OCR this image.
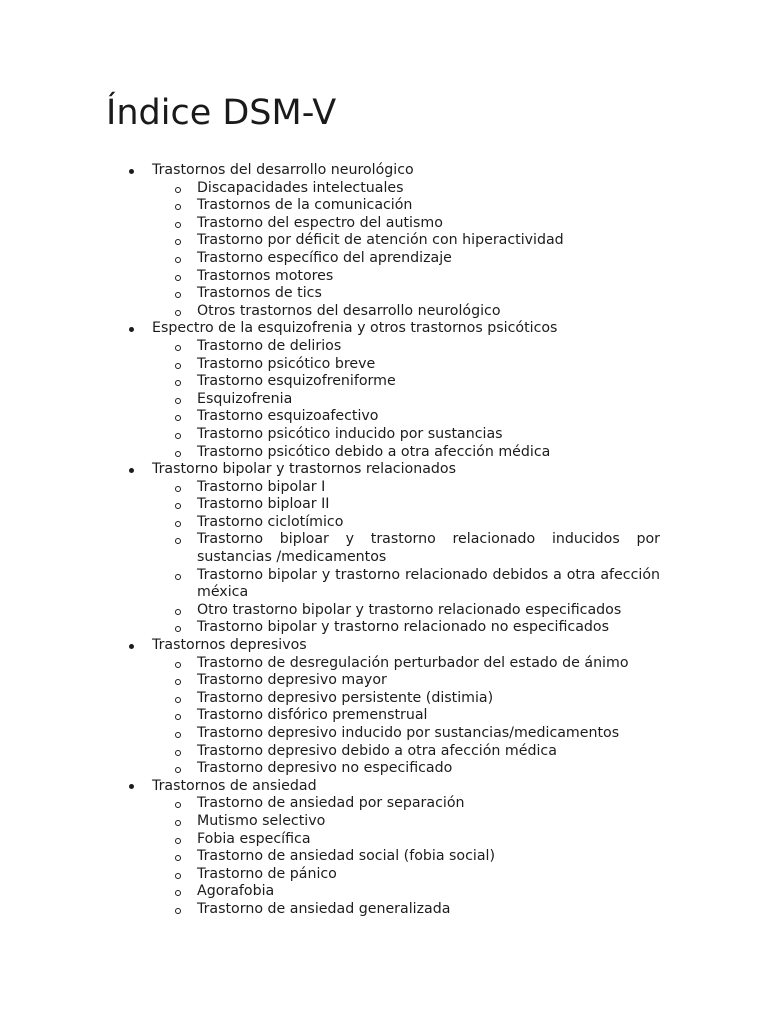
Índice DSM-V
Trastornos del desarrollo neurológico
Discapacidades intelectuales
Trastornos de la comunicación
Trastorno del espectro del autismo
Trastorno por déficit de atención con hiperactividad
Trastorno específico del aprendizaje
Trastornos motores
Trastornos de tics
Otros trastornos del desarrollo neurológico
Espectro de la esquizofrenia y otros trastornos psicóticos
Trastorno de delirios
Trastorno psicótico breve
Trastorno esquizofreniforme
Esquizofrenia
Trastorno esquizoafectivo
Trastorno psicótico inducido por sustancias
Trastorno psicótico debido a otra afección médica
Trastorno bipolar y trastornos relacionados
Trastorno bipolar I
Trastorno biploar II
Trastorno ciclotímico
Trastorno biploar y trastorno relacionado inducidos por sustancias /medicamentos
Trastorno bipolar y trastorno relacionado debidos a otra afección méxica
Otro trastorno bipolar y trastorno relacionado especificados
Trastorno bipolar y trastorno relacionado no especificados
Trastornos depresivos
Trastorno de desregulación perturbador del estado de ánimo
Trastorno depresivo mayor
Trastorno depresivo persistente (distimia)
Trastorno disfórico premenstrual
Trastorno depresivo inducido por sustancias/medicamentos
Trastorno depresivo debido a otra afección médica
Trastorno depresivo no especificado
Trastornos de ansiedad
Trastorno de ansiedad por separación
Mutismo selectivo
Fobia específica
Trastorno de ansiedad social (fobia social)
Trastorno de pánico
Agorafobia
Trastorno de ansiedad generalizada
